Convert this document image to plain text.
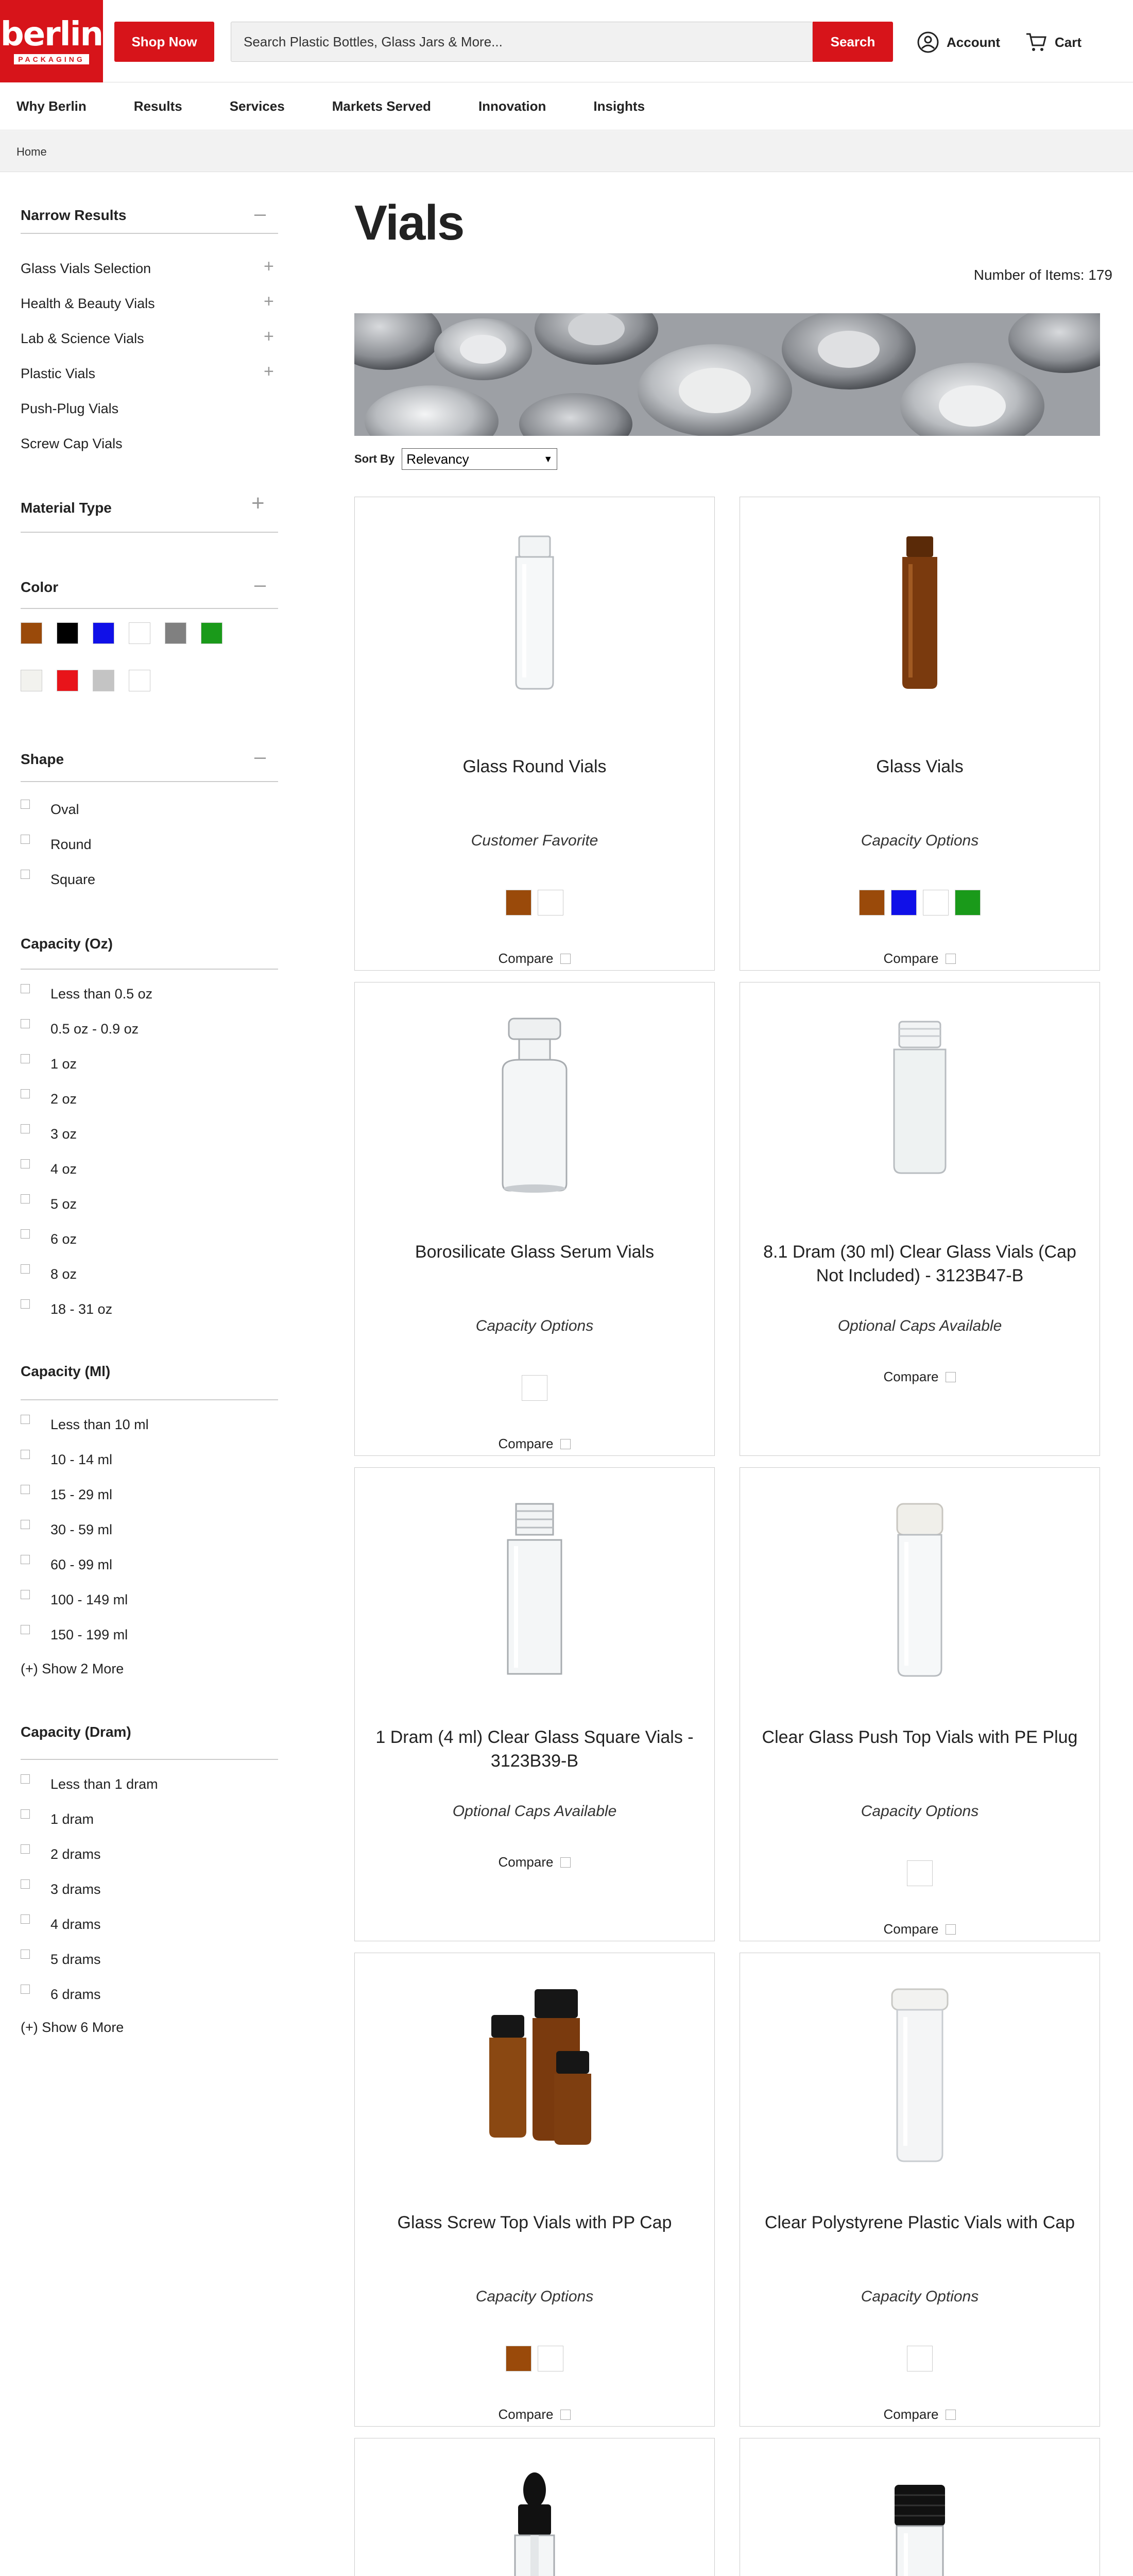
berlin
PACKAGING
Shop Now	Search Plastic Bottles, Glass Jars & More...	Search	Account	Cart
Why Berlin	Results	Services	Markets Served	Innovation	Insights
Home
Narrow Results	–
Glass Vials Selection	+
Health & Beauty Vials	+
Lab & Science Vials	+
Plastic Vials	+
Push-Plug Vials
Screw Cap Vials
Material Type	+
Color	–
Shape	–
Oval
Round
Square
Capacity (Oz)
Less than 0.5 oz
0.5 oz - 0.9 oz
1 oz
2 oz
3 oz
4 oz
5 oz
6 oz
8 oz
18 - 31 oz
Capacity (Ml)
Less than 10 ml
10 - 14 ml
15 - 29 ml
30 - 59 ml
60 - 99 ml
100 - 149 ml
150 - 199 ml
(+) Show 2 More
Capacity (Dram)
Less than 1 dram
1 dram
2 drams
3 drams
4 drams
5 drams
6 drams
(+) Show 6 More
Vials
Number of Items: 179
Sort By Relevancy	▼
Glass Round Vials
Customer Favorite
Compare
Glass Vials
Capacity Options
Compare
Borosilicate Glass Serum Vials
Capacity Options
Compare
8.1 Dram (30 ml) Clear Glass Vials (Cap Not Included) - 3123B47-B
Optional Caps Available
Compare
1 Dram (4 ml) Clear Glass Square Vials - 3123B39-B
Optional Caps Available
Compare
Clear Glass Push Top Vials with PE Plug
Capacity Options
Compare
Glass Screw Top Vials with PP Cap
Capacity Options
Compare
Clear Polystyrene Plastic Vials with Cap
Capacity Options
Compare
